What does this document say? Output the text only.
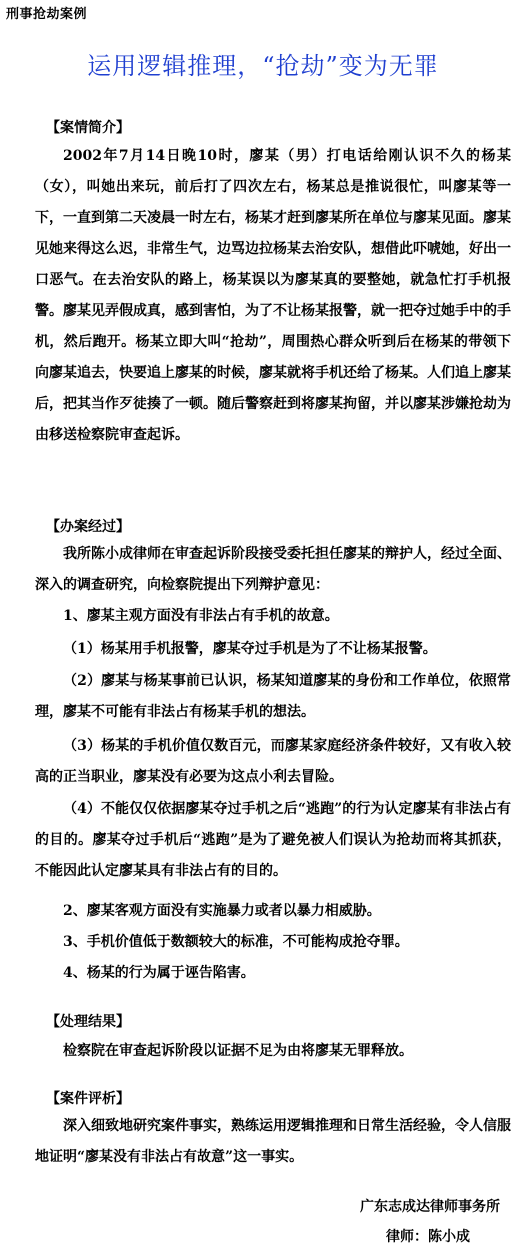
刑事抢劫案例
运用逻辑推理，“抢劫”变为无罪
【案情简介】
2002年7月14日晚10时，廖某（男）打电话给刚认识不久的杨某（女），叫她出来玩，前后打了四次左右，杨某总是推说很忙，叫廖某等一下，一直到第二天凌晨一时左右，杨某才赶到廖某所在单位与廖某见面。廖某见她来得这么迟，非常生气，边骂边拉杨某去治安队，想借此吓唬她，好出一口恶气。在去治安队的路上，杨某误以为廖某真的要整她，就急忙打手机报警。廖某见弄假成真，感到害怕，为了不让杨某报警，就一把夺过她手中的手机，然后跑开。杨某立即大叫“抢劫”，周围热心群众听到后在杨某的带领下向廖某追去，快要追上廖某的时候，廖某就将手机还给了杨某。人们追上廖某后，把其当作歹徒揍了一顿。随后警察赶到将廖某拘留，并以廖某涉嫌抢劫为由移送检察院审查起诉。
【办案经过】
我所陈小成律师在审查起诉阶段接受委托担任廖某的辩护人，经过全面、深入的调查研究，向检察院提出下列辩护意见：
1、廖某主观方面没有非法占有手机的故意。
（1）杨某用手机报警，廖某夺过手机是为了不让杨某报警。
（2）廖某与杨某事前已认识，杨某知道廖某的身份和工作单位，依照常理，廖某不可能有非法占有杨某手机的想法。
（3）杨某的手机价值仅数百元，而廖某家庭经济条件较好，又有收入较高的正当职业，廖某没有必要为这点小利去冒险。
（4）不能仅仅依据廖某夺过手机之后“逃跑”的行为认定廖某有非法占有的目的。廖某夺过手机后“逃跑”是为了避免被人们误认为抢劫而将其抓获，不能因此认定廖某具有非法占有的目的。
2、廖某客观方面没有实施暴力或者以暴力相威胁。
3、手机价值低于数额较大的标准，不可能构成抢夺罪。
4、杨某的行为属于诬告陷害。
【处理结果】
检察院在审查起诉阶段以证据不足为由将廖某无罪释放。
【案件评析】
深入细致地研究案件事实，熟练运用逻辑推理和日常生活经验，令人信服地证明“廖某没有非法占有故意”这一事实。
广东志成达律师事务所
律师：陈小成
